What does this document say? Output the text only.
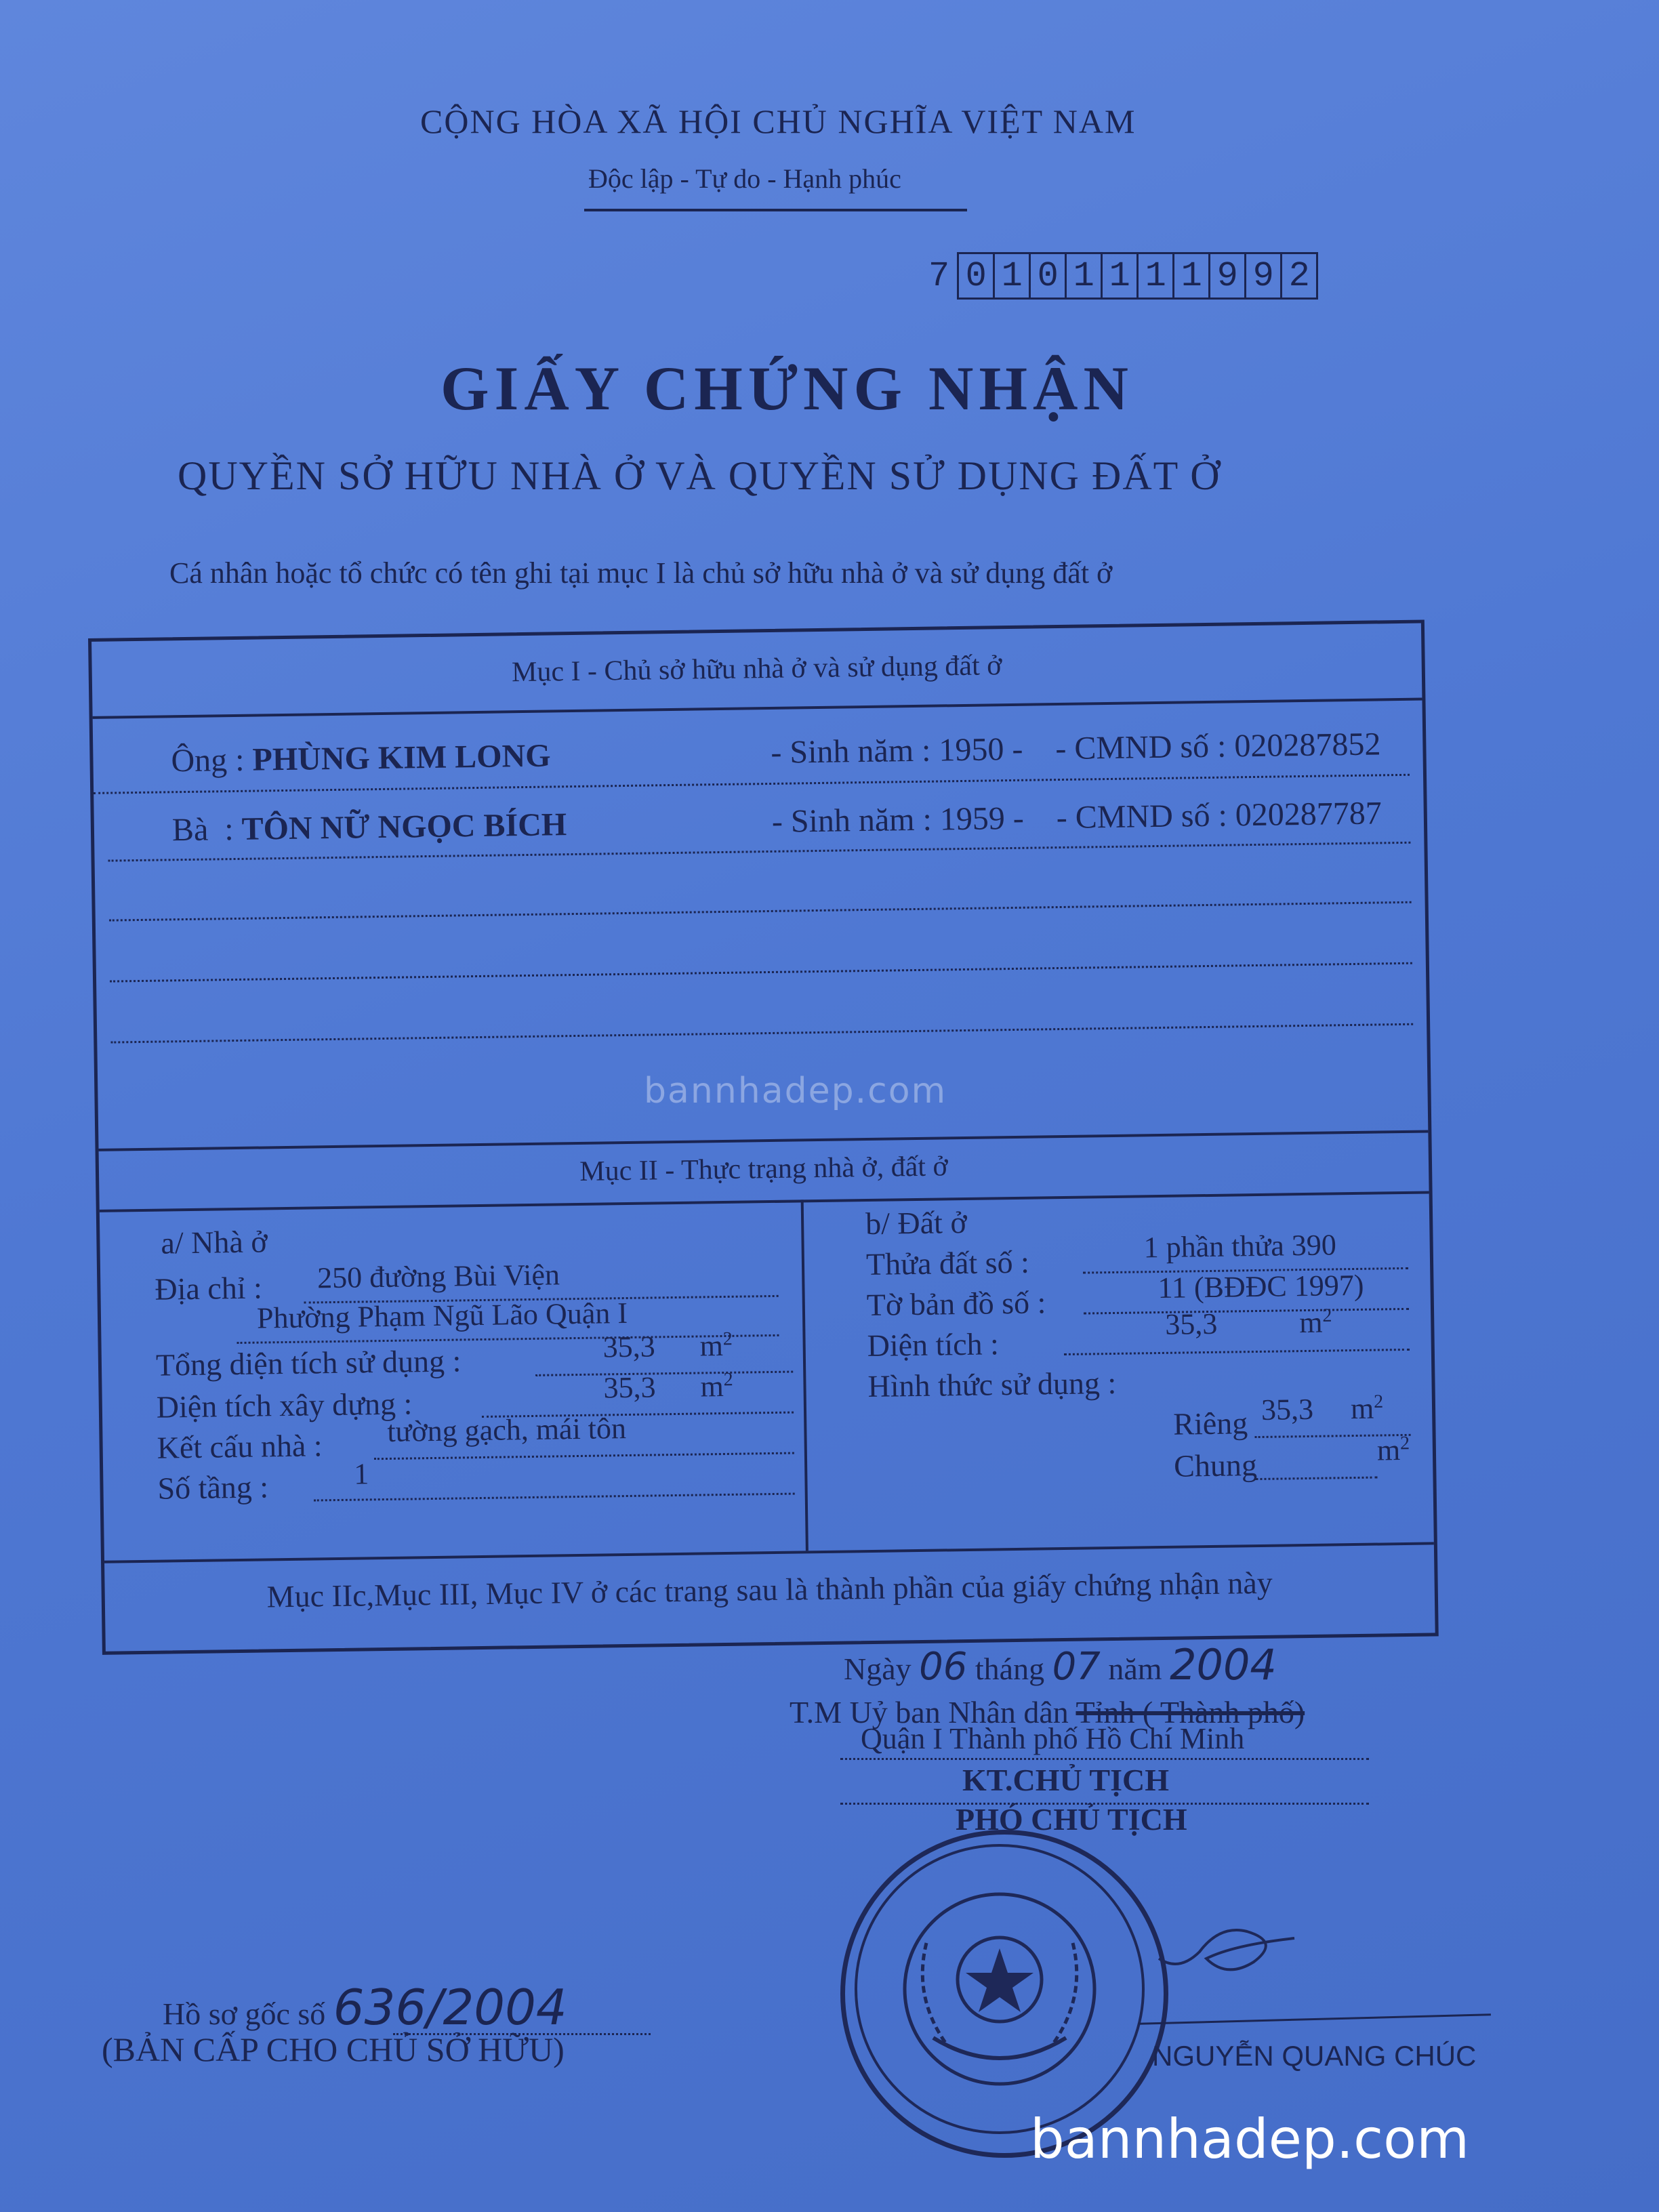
CỘNG HÒA XÃ HỘI CHỦ NGHĨA VIỆT NAM
Độc lập - Tự do - Hạnh phúc
7 0 1 0 1 1 1 1 9 9 2
GIẤY CHỨNG NHẬN
QUYỀN SỞ HỮU NHÀ Ở VÀ QUYỀN SỬ DỤNG ĐẤT Ở
Cá nhân hoặc tổ chức có tên ghi tại mục I là chủ sở hữu nhà ở và sử dụng đất ở
Mục I - Chủ sở hữu nhà ở và sử dụng đất ở
Ông : PHÙNG KIM LONG	- Sinh năm : 1950 - - CMND số : 020287852
Bà  : TÔN NỮ NGỌC BÍCH	- Sinh năm : 1959 - - CMND số : 020287787
Mục II - Thực trạng nhà ở, đất ở
a/ Nhà ở
Địa chỉ : 250 đường Bùi Viện
Phường Phạm Ngũ Lão Quận I
Tổng diện tích sử dụng :	35,3 $m^2$
Diện tích xây dựng :	35,3 $m^2$
Kết cấu nhà : tường gạch, mái tôn
Số tầng :	1
b/ Đất ở
Thửa đất số :	1 phần thửa 390
Tờ bản đồ số :	11 (BĐĐC 1997)
Diện tích :
35,3	$m^2$
Hình thức sử dụng :
Riêng 35,3 $m^2$
Chung	$m^2$
Mục IIc,Mục III, Mục IV ở các trang sau là thành phần của giấy chứng nhận này
bannhadep.com
Ngày 06 tháng 07 năm 2004
T.M Uỷ ban Nhân dân Tỉnh ( Thành phố)
Quận I Thành phố Hồ Chí Minh
KT.CHỦ TỊCH
PHÓ CHỦ TỊCH
NGUYỄN QUANG CHÚC
Hồ sơ gốc số 636/2004
(BẢN CẤP CHO CHỦ SỞ HỮU)
bannhadep.com
